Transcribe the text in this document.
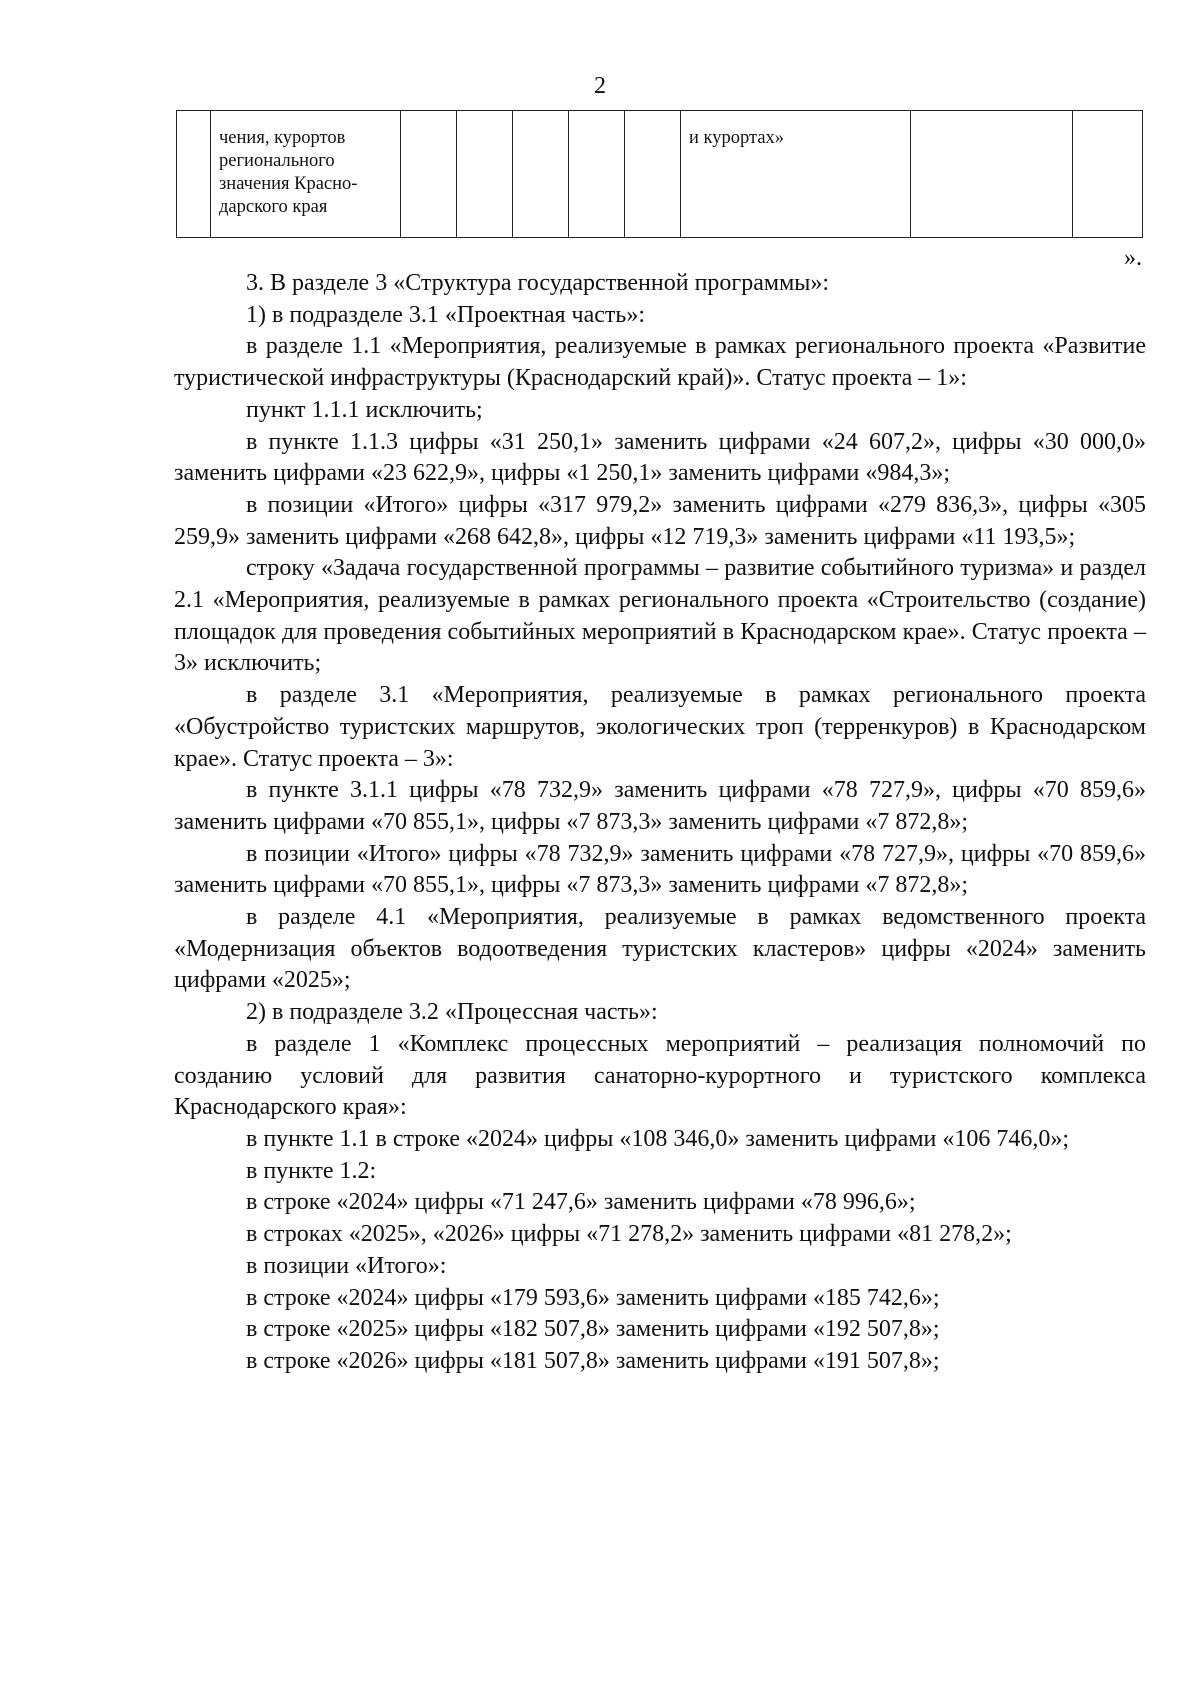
2
	чения, курортов регионального значения Красно-дарского края						и курортах»		
».

3. В разделе 3 «Структура государственной программы»:

1) в подразделе 3.1 «Проектная часть»:

в разделе 1.1 «Мероприятия, реализуемые в рамках регионального проекта «Развитие туристической инфраструктуры (Краснодарский край)». Статус проекта – 1»:

пункт 1.1.1 исключить;

в пункте 1.1.3 цифры «31 250,1» заменить цифрами «24 607,2», цифры «30 000,0» заменить цифрами «23 622,9», цифры «1 250,1» заменить цифрами «984,3»;

в позиции «Итого» цифры «317 979,2» заменить цифрами «279 836,3», цифры «305 259,9» заменить цифрами «268 642,8», цифры «12 719,3» заменить цифрами «11 193,5»;

строку «Задача государственной программы – развитие событийного туризма» и раздел 2.1 «Мероприятия, реализуемые в рамках регионального проекта «Строительство (создание) площадок для проведения событийных мероприятий в Краснодарском крае». Статус проекта – 3» исключить;

в разделе 3.1 «Мероприятия, реализуемые в рамках регионального проекта «Обустройство туристских маршрутов, экологических троп (терренкуров) в Краснодарском крае». Статус проекта – 3»:

в пункте 3.1.1 цифры «78 732,9» заменить цифрами «78 727,9», цифры «70 859,6» заменить цифрами «70 855,1», цифры «7 873,3» заменить цифрами «7 872,8»;

в позиции «Итого» цифры «78 732,9» заменить цифрами «78 727,9», цифры «70 859,6» заменить цифрами «70 855,1», цифры «7 873,3» заменить цифрами «7 872,8»;

в разделе 4.1 «Мероприятия, реализуемые в рамках ведомственного проекта «Модернизация объектов водоотведения туристских кластеров» цифры «2024» заменить цифрами «2025»;

2) в подразделе 3.2 «Процессная часть»:

в разделе 1 «Комплекс процессных мероприятий – реализация полномочий по созданию условий для развития санаторно-курортного и туристского комплекса Краснодарского края»:

в пункте 1.1 в строке «2024» цифры «108 346,0» заменить цифрами «106 746,0»;

в пункте 1.2:

в строке «2024» цифры «71 247,6» заменить цифрами «78 996,6»;

в строках «2025», «2026» цифры «71 278,2» заменить цифрами «81 278,2»;

в позиции «Итого»:

в строке «2024» цифры «179 593,6» заменить цифрами «185 742,6»;

в строке «2025» цифры «182 507,8» заменить цифрами «192 507,8»;

в строке «2026» цифры «181 507,8» заменить цифрами «191 507,8»;
